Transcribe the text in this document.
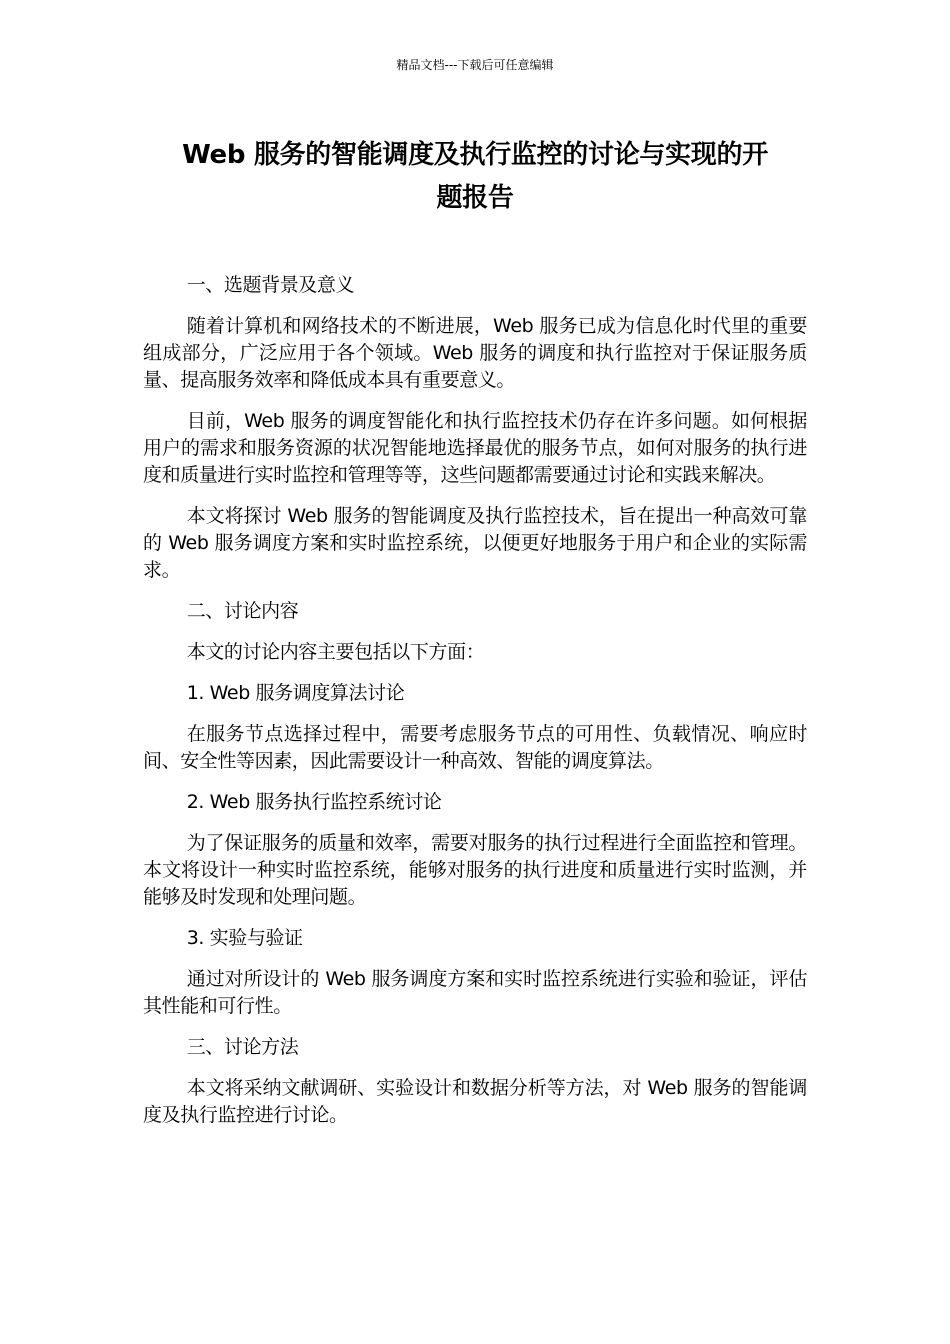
精品文档---下载后可任意编辑
Web 服务的智能调度及执行监控的讨论与实现的开
题报告

一、选题背景及意义

随着计算机和网络技术的不断进展，Web 服务已成为信息化时代里的重要组成部分，广泛应用于各个领域。Web 服务的调度和执行监控对于保证服务质量、提高服务效率和降低成本具有重要意义。

目前，Web 服务的调度智能化和执行监控技术仍存在许多问题。如何根据用户的需求和服务资源的状况智能地选择最优的服务节点，如何对服务的执行进度和质量进行实时监控和管理等等，这些问题都需要通过讨论和实践来解决。

本文将探讨 Web 服务的智能调度及执行监控技术，旨在提出一种高效可靠的 Web 服务调度方案和实时监控系统，以便更好地服务于用户和企业的实际需求。

二、讨论内容

本文的讨论内容主要包括以下方面：

1. Web 服务调度算法讨论

在服务节点选择过程中，需要考虑服务节点的可用性、负载情况、响应时间、安全性等因素，因此需要设计一种高效、智能的调度算法。

2. Web 服务执行监控系统讨论

为了保证服务的质量和效率，需要对服务的执行过程进行全面监控和管理。本文将设计一种实时监控系统，能够对服务的执行进度和质量进行实时监测，并能够及时发现和处理问题。

3. 实验与验证

通过对所设计的 Web 服务调度方案和实时监控系统进行实验和验证，评估其性能和可行性。

三、讨论方法

本文将采纳文献调研、实验设计和数据分析等方法，对 Web 服务的智能调度及执行监控进行讨论。
